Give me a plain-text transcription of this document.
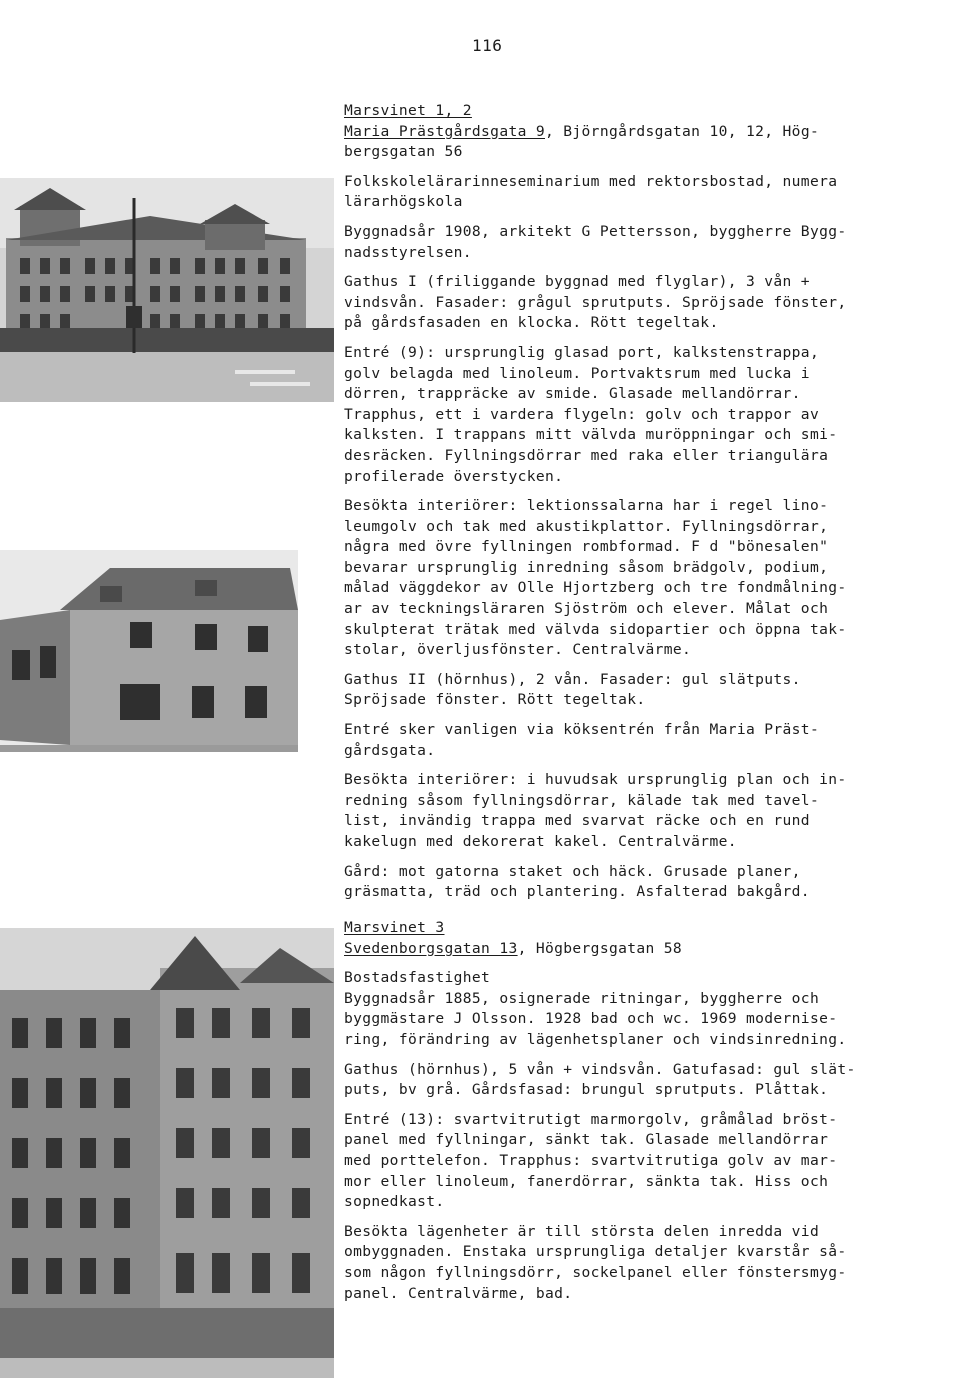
116

Marsvinet 1, 2

Maria Prästgårdsgata 9, Björngårdsgatan 10, 12, Hög-
bergsgatan 56

Folkskolelärarinneseminarium med rektorsbostad, numera
lärarhögskola

Byggnadsår 1908, arkitekt G Pettersson, byggherre Bygg-
nadsstyrelsen.

Gathus I (friliggande byggnad med flyglar), 3 vån +
vindsvån. Fasader: grågul sprutputs. Spröjsade fönster,
på gårdsfasaden en klocka. Rött tegeltak.

Entré (9): ursprunglig glasad port, kalkstenstrappa,
golv belagda med linoleum. Portvaktsrum med lucka i
dörren, trappräcke av smide. Glasade mellandörrar.
Trapphus, ett i vardera flygeln: golv och trappor av
kalksten. I trappans mitt välvda muröppningar och smi-
desräcken. Fyllningsdörrar med raka eller triangulära
profilerade överstycken.

Besökta interiörer: lektionssalarna har i regel lino-
leumgolv och tak med akustikplattor. Fyllningsdörrar,
några med övre fyllningen rombformad. F d "bönesalen"
bevarar ursprunglig inredning såsom brädgolv, podium,
målad väggdekor av Olle Hjortzberg och tre fondmålning-
ar av teckningsläraren Sjöström och elever. Målat och
skulpterat trätak med välvda sidopartier och öppna tak-
stolar, överljusfönster. Centralvärme.

Gathus II (hörnhus), 2 vån. Fasader: gul slätputs.
Spröjsade fönster. Rött tegeltak.

Entré sker vanligen via köksentrén från Maria Präst-
gårdsgata.

Besökta interiörer: i huvudsak ursprunglig plan och in-
redning såsom fyllningsdörrar, kälade tak med tavel-
list, invändig trappa med svarvat räcke och en rund
kakelugn med dekorerat kakel. Centralvärme.

Gård: mot gatorna staket och häck. Grusade planer,
gräsmatta, träd och plantering. Asfalterad bakgård.

Marsvinet 3

Svedenborgsgatan 13, Högbergsgatan 58

Bostadsfastighet
Byggnadsår 1885, osignerade ritningar, byggherre och
byggmästare J Olsson. 1928 bad och wc. 1969 modernise-
ring, förändring av lägenhetsplaner och vindsinredning.

Gathus (hörnhus), 5 vån + vindsvån. Gatufasad: gul slät-
puts, bv grå. Gårdsfasad: brungul sprutputs. Plåttak.

Entré (13): svartvitrutigt marmorgolv, gråmålad bröst-
panel med fyllningar, sänkt tak. Glasade mellandörrar
med porttelefon. Trapphus: svartvitrutiga golv av mar-
mor eller linoleum, fanerdörrar, sänkta tak. Hiss och
sopnedkast.

Besökta lägenheter är till största delen inredda vid
ombyggnaden. Enstaka ursprungliga detaljer kvarstår så-
som någon fyllningsdörr, sockelpanel eller fönstersmyg-
panel. Centralvärme, bad.
